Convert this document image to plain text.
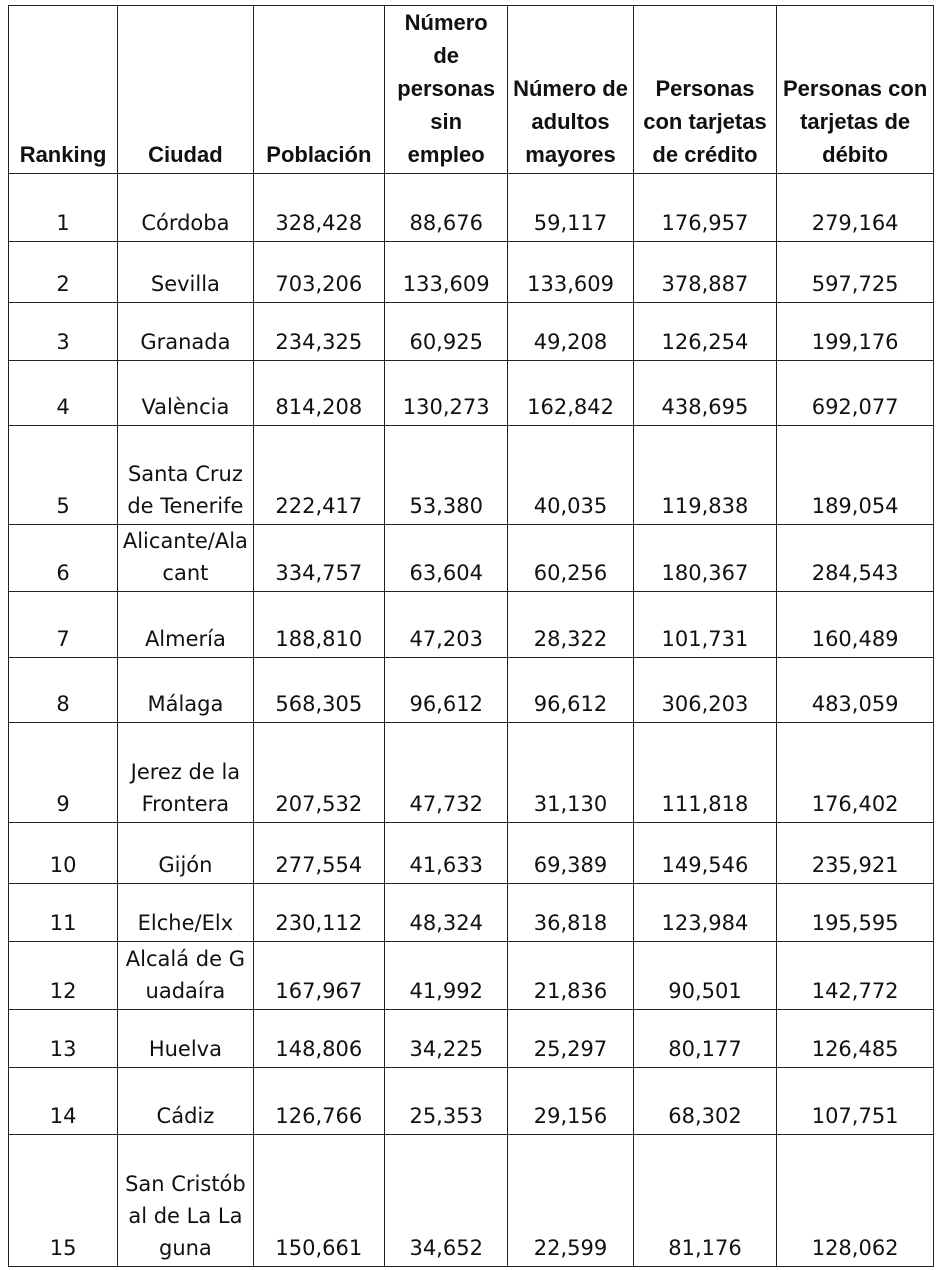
Ranking	Ciudad	Población	Número de personas sin empleo	Número de adultos mayores	Personas con tarjetas de crédito	Personas con tarjetas de débito
1	Córdoba	328,428	88,676	59,117	176,957	279,164
2	Sevilla	703,206	133,609	133,609	378,887	597,725
3	Granada	234,325	60,925	49,208	126,254	199,176
4	València	814,208	130,273	162,842	438,695	692,077
5	Santa Cruz de Tenerife	222,417	53,380	40,035	119,838	189,054
6	Alicante/Alacant	334,757	63,604	60,256	180,367	284,543
7	Almería	188,810	47,203	28,322	101,731	160,489
8	Málaga	568,305	96,612	96,612	306,203	483,059
9	Jerez de la Frontera	207,532	47,732	31,130	111,818	176,402
10	Gijón	277,554	41,633	69,389	149,546	235,921
11	Elche/Elx	230,112	48,324	36,818	123,984	195,595
12	Alcalá de Guadaíra	167,967	41,992	21,836	90,501	142,772
13	Huelva	148,806	34,225	25,297	80,177	126,485
14	Cádiz	126,766	25,353	29,156	68,302	107,751
15	San Cristóbal de La Laguna	150,661	34,652	22,599	81,176	128,062
